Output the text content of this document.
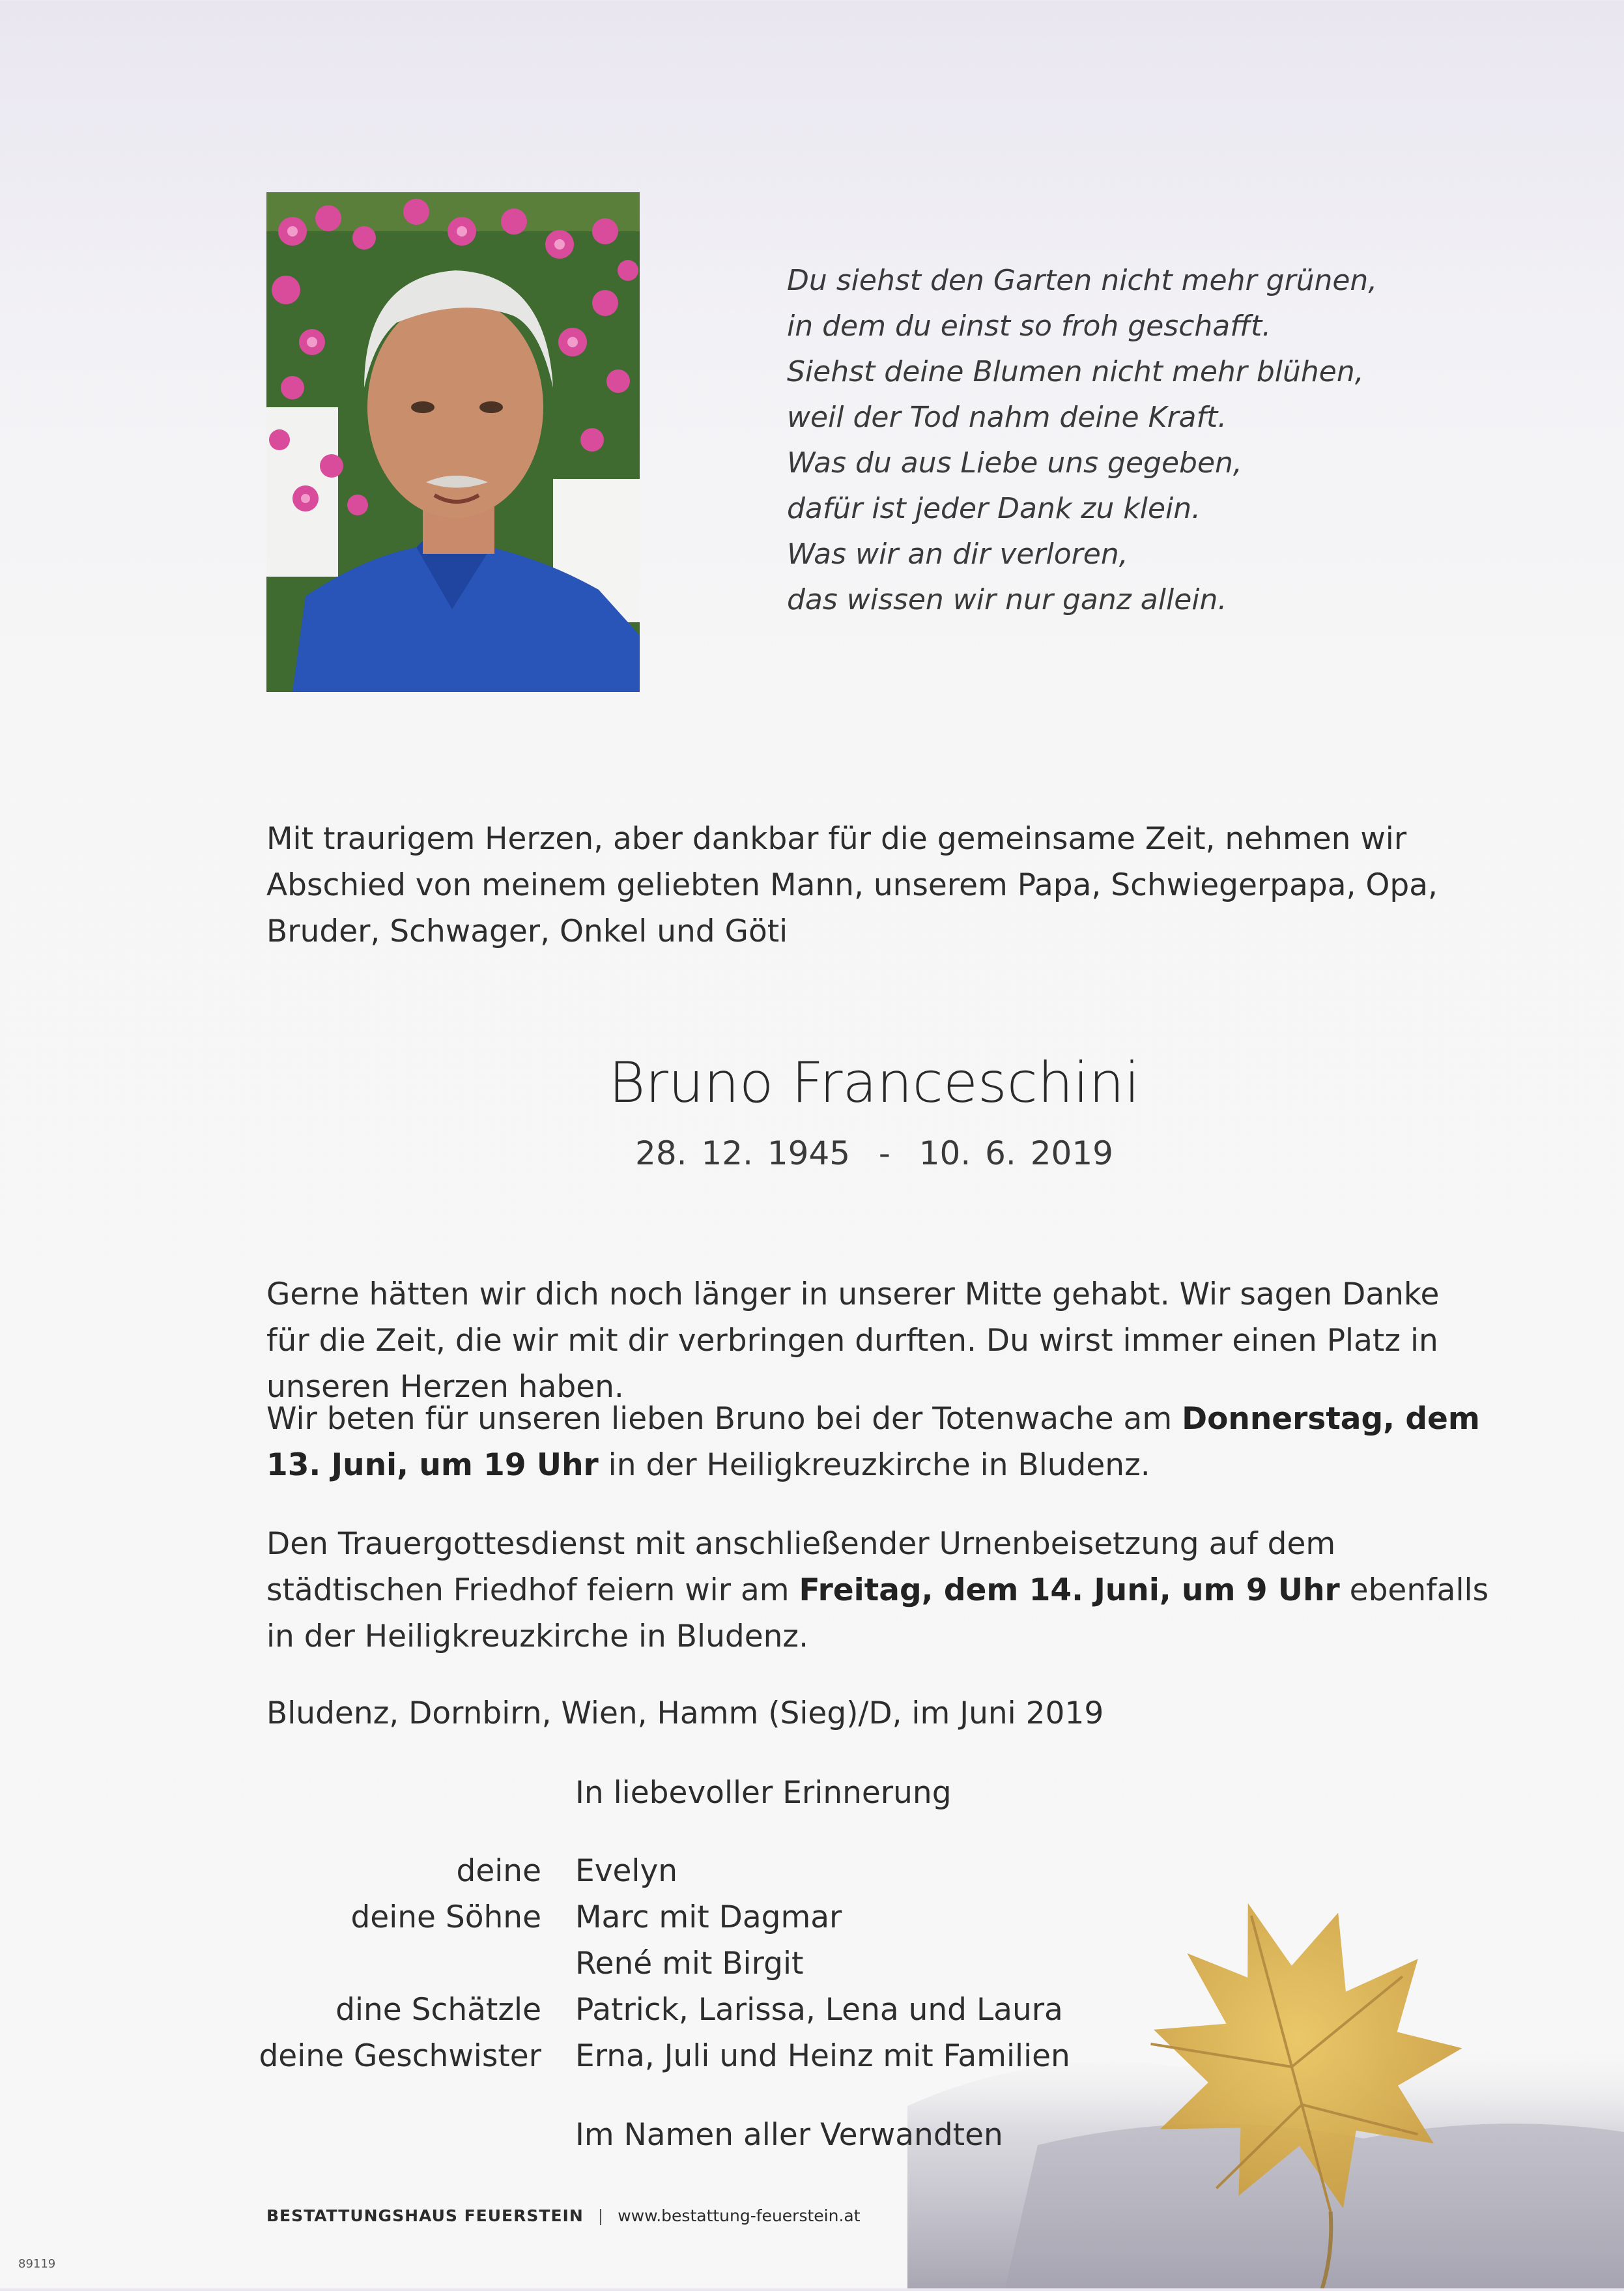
Du siehst den Garten nicht mehr grünen,
in dem du einst so froh geschafft.
Siehst deine Blumen nicht mehr blühen,
weil der Tod nahm deine Kraft.
Was du aus Liebe uns gegeben,
dafür ist jeder Dank zu klein.
Was wir an dir verloren,
das wissen wir nur ganz allein.
Mit traurigem Herzen, aber dankbar für die gemeinsame Zeit, nehmen wir Abschied von meinem geliebten Mann, unserem Papa, Schwiegerpapa, Opa, Bruder, Schwager, Onkel und Göti
Bruno Franceschini
28. 12. 1945  -  10. 6. 2019
Gerne hätten wir dich noch länger in unserer Mitte gehabt. Wir sagen Danke für die Zeit, die wir mit dir verbringen durften. Du wirst immer einen Platz in unseren Herzen haben.
Wir beten für unseren lieben Bruno bei der Totenwache am Donnerstag, dem 13. Juni, um 19 Uhr in der Heiligkreuzkirche in Bludenz.
Den Trauergottesdienst mit anschließender Urnenbeisetzung auf dem städtischen Friedhof feiern wir am Freitag, dem 14. Juni, um 9 Uhr ebenfalls in der Heiligkreuzkirche in Bludenz.
Bludenz, Dornbirn, Wien, Hamm (Sieg)/D, im Juni 2019
In liebevoller Erinnerung
deine Evelyn
deine Söhne Marc mit Dagmar
René mit Birgit
dine Schätzle Patrick, Larissa, Lena und Laura
deine Geschwister Erna, Juli und Heinz mit Familien
Im Namen aller Verwandten
BESTATTUNGSHAUS FEUERSTEIN | www.bestattung-feuerstein.at
89119
